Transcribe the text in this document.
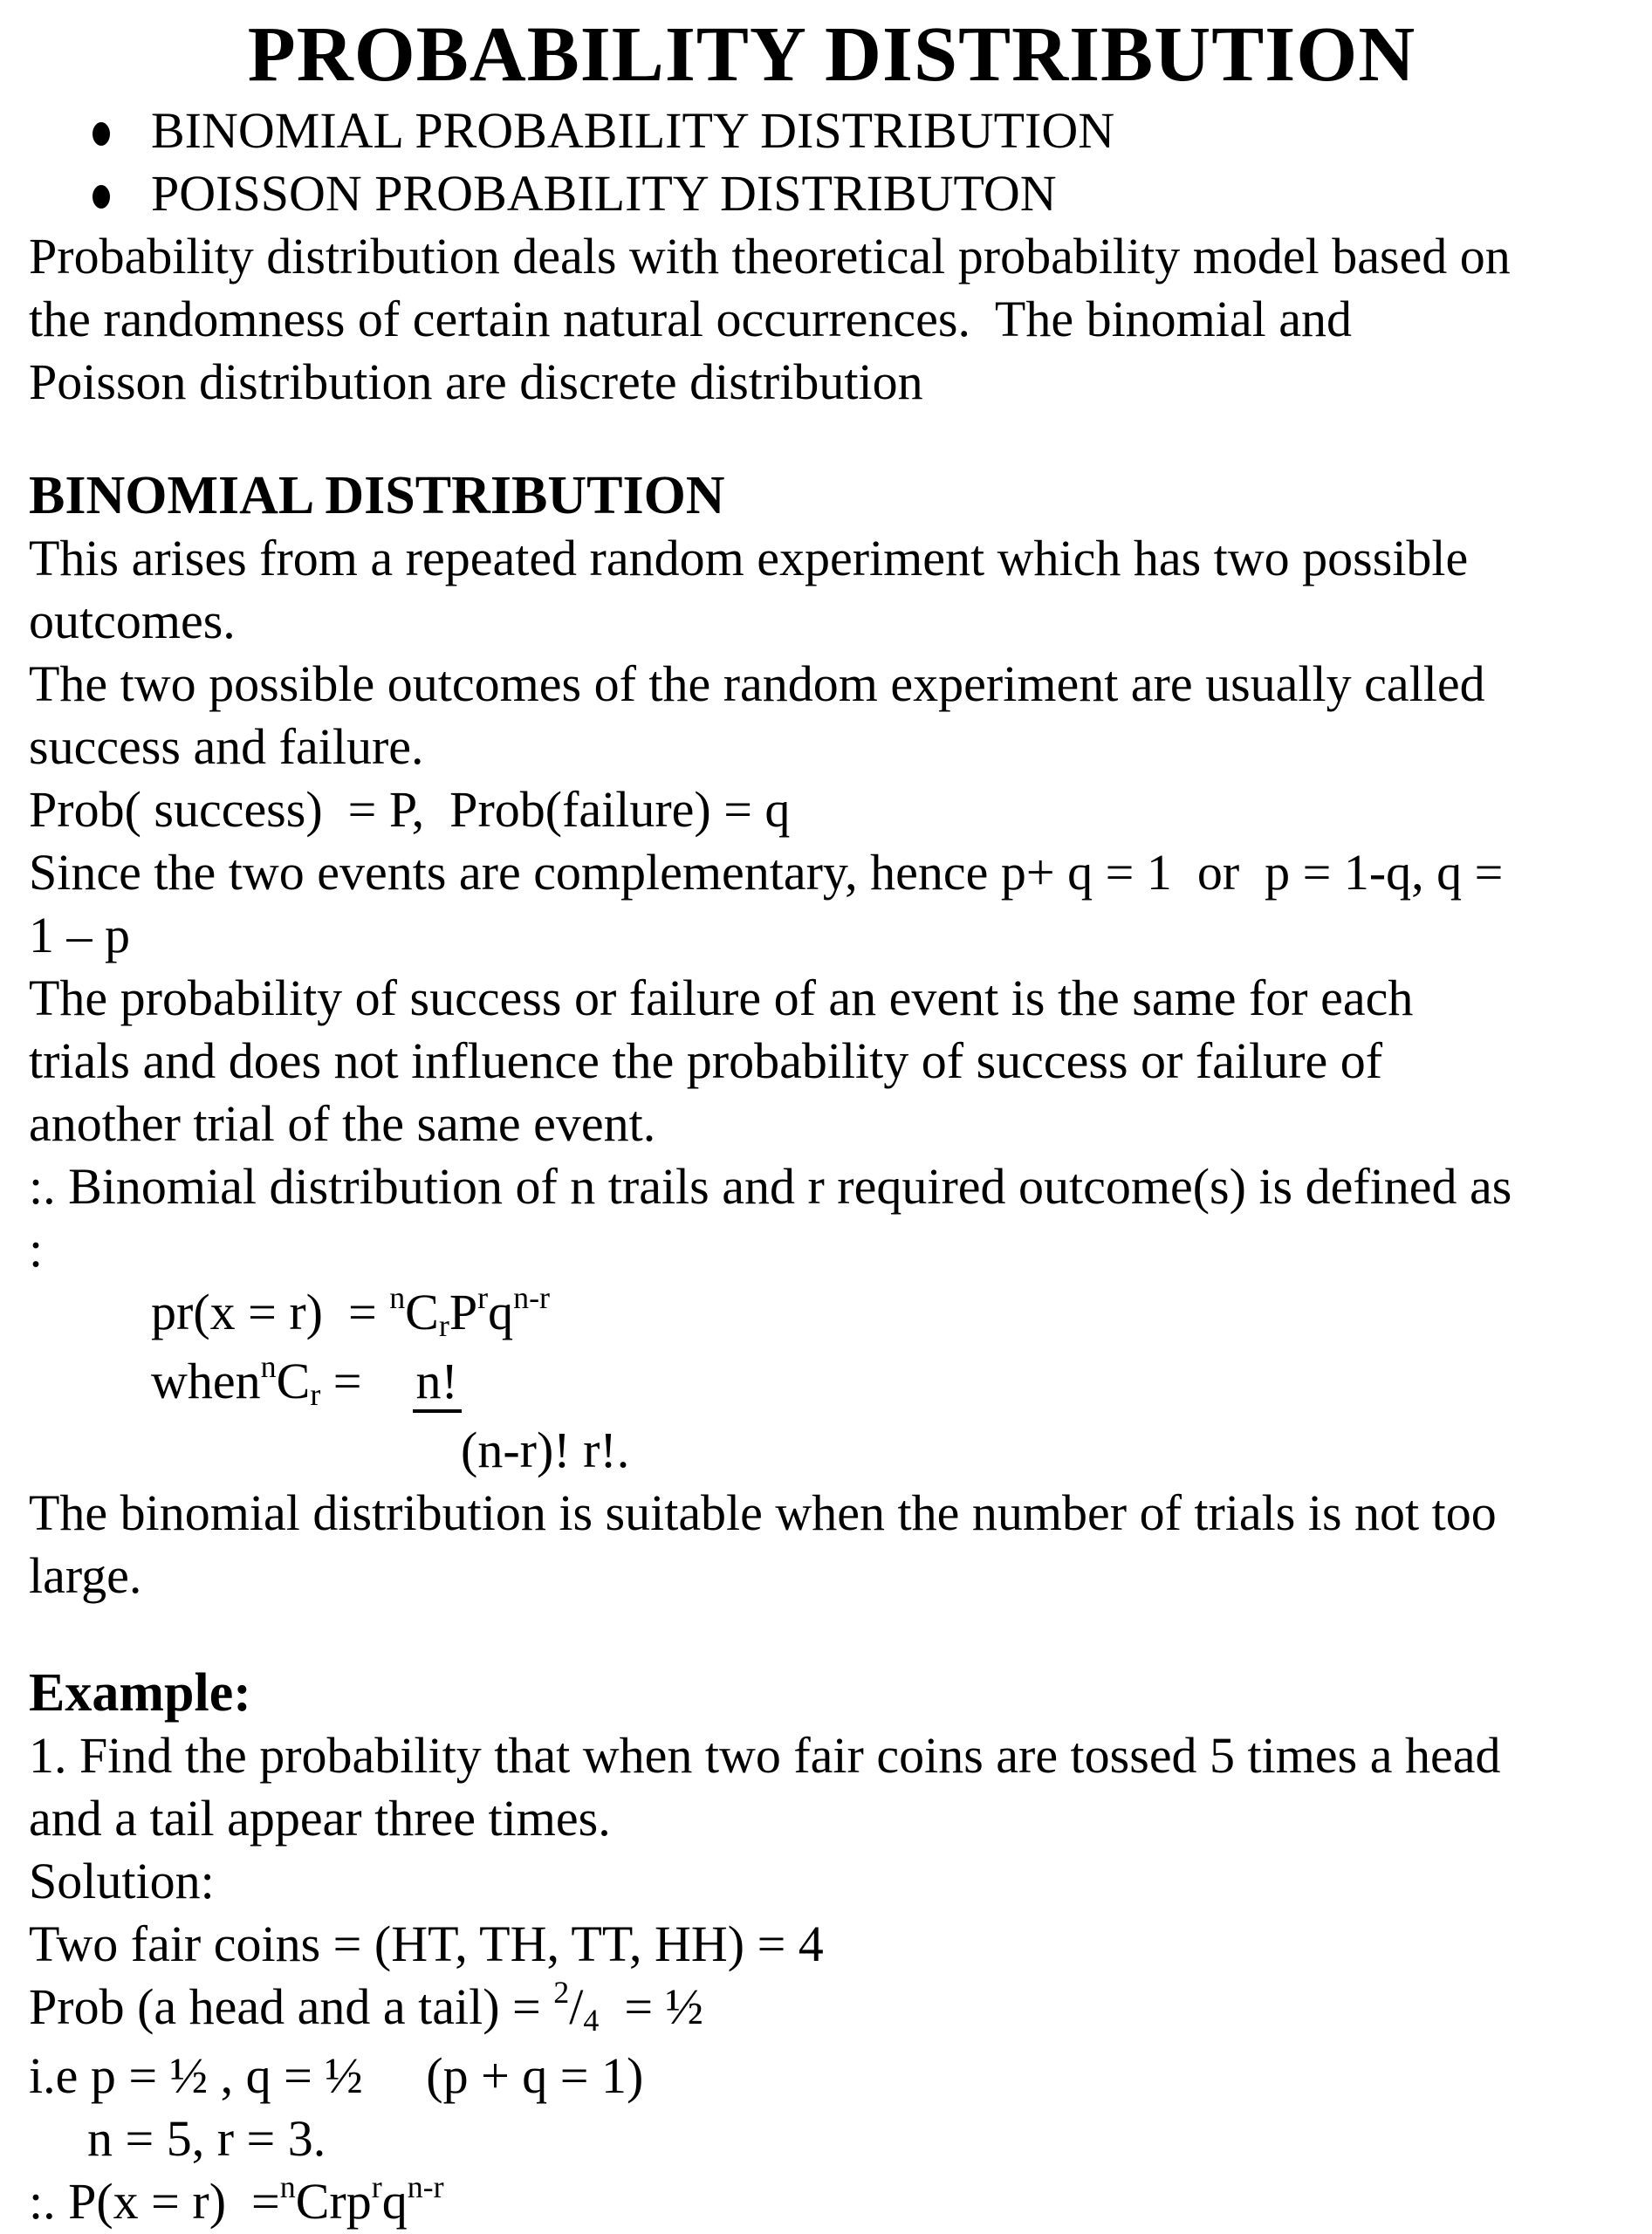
PROBABILITY DISTRIBUTION
BINOMIAL PROBABILITY DISTRIBUTION
POISSON PROBABILITY DISTRIBUTON
Probability distribution deals with theoretical probability model based on
the randomness of certain natural occurrences.  The binomial and
Poisson distribution are discrete distribution
BINOMIAL DISTRIBUTION
This arises from a repeated random experiment which has two possible
outcomes.
The two possible outcomes of the random experiment are usually called
success and failure.
Prob( success)  = P,  Prob(failure) = q
Since the two events are complementary, hence p+ q = 1  or  p = 1-q, q =
1 – p
The probability of success or failure of an event is the same for each
trials and does not influence the probability of success or failure of
another trial of the same event.
:. Binomial distribution of n trails and r required outcome(s) is defined as
:
$pr(x = r) = ^nCrP^rq^{n-r}$
when$^n$Cr =    n!
(n-r)! r!.
The binomial distribution is suitable when the number of trials is not too
large.
Example:
1. Find the probability that when two fair coins are tossed 5 times a head
and a tail appear three times.
Solution:
Two fair coins = (HT, TH, TT, HH) = 4
Prob (a head and a tail) = $^2$/4  = ½
i.e p = ½ , q = ½     (p + q = 1)
n = 5, r = 3.
:. $P(x = r) =^nCrp^rq^{n-r}$
